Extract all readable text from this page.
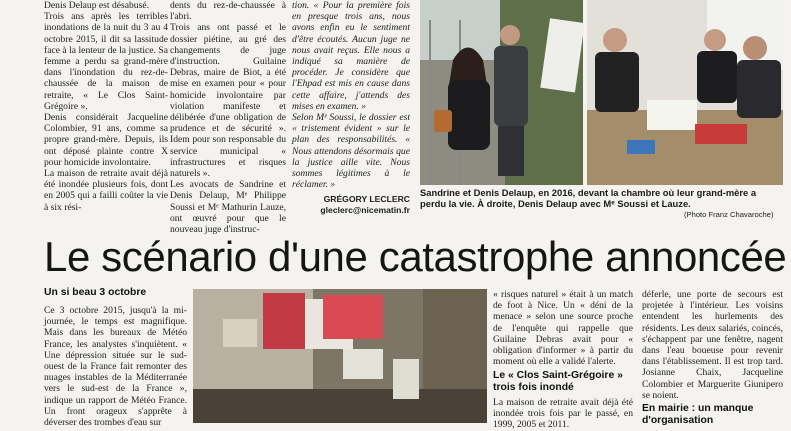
Denis Delaup est désabusé.

Trois ans après les terribles inondations de la nuit du 3 au 4 octobre 2015, il dit sa lassitude face à la lenteur de la justice. Sa femme a perdu sa grand-mère dans l'inondation du rez-de-chaussée de la maison de retraite, « Le Clos Saint-Grégoire ».

Denis considérait Jacqueline Colombier, 91 ans, comme sa propre grand-mère. Depuis, ils ont déposé plainte contre X pour homicide involontaire.

La maison de retraite avait déjà été inondée plusieurs fois, dont en 2005 qui a failli coûter la vie à six rési-

dents du rez-de-chaussée à l'abri.

Trois ans ont passé et le dossier piétine, au gré des changements de juge d'instruction. Guilaine Debras, maire de Biot, a été mise en examen pour « pour homicide involontaire par violation manifeste et délibérée d'une obligation de prudence et de sécurité ». Idem pour son responsable du service municipal « infrastructures et risques naturels ».

Les avocats de Sandrine et Denis Delaup, Mᵉ Philippe Soussi et Mᵉ Mathurin Lauze, ont œuvré pour que le nouveau juge d'instruc-

tion. « Pour la première fois en presque trois ans, nous avons enfin eu le sentiment d'être écoutés. Aucun juge ne nous avait reçus. Elle nous a indiqué sa manière de procéder. Je considère que l'Ehpad est mis en cause dans cette affaire, j'attends des mises en examen. »

Selon Mᵉ Soussi, le dossier est « tristement évident » sur le plan des responsabilités. « Nous attendons désormais que la justice aille vite. Nous sommes légitimes à le réclamer. »

GRÉGORY LECLERC
gleclerc@nicematin.fr
Sandrine et Denis Delaup, en 2016, devant la chambre où leur grand-mère a perdu la vie. À droite, Denis Delaup avec Mᵉ Soussi et Lauze.
(Photo Franz Chavaroche)
Le scénario d'une catastrophe annoncée
Un si beau 3 octobre
Ce 3 octobre 2015, jusqu'à la mi-journée, le temps est magnifique. Mais dans les bureaux de Météo France, les analystes s'inquiètent. « Une dépression située sur le sud-ouest de la France fait remonter des nuages instables de la Méditerranée vers le sud-est de la France », indique un rapport de Météo France. Un front orageux s'apprête à déverser des trombes d'eau sur
« risques naturel » était à un match de foot à Nice. Un « déni de la menace » selon une source proche de l'enquête qui rappelle que Guilaine Debras avait pour « obligation d'informer » à partir du moment où elle a validé l'alerte.
Le « Clos Saint-Grégoire » trois fois inondé
La maison de retraite avait déjà été inondée trois fois par le passé, en 1999, 2005 et 2011.
déferle, une porte de secours est projetée à l'intérieur. Les voisins entendent les hurlements des résidents. Les deux salariés, coincés, s'échappent par une fenêtre, nagent dans l'eau boueuse pour revenir dans l'établissement. Il est trop tard. Josianne Chaix, Jacqueline Colombier et Marguerite Giunipero se noient.
En mairie : un manque d'organisation
